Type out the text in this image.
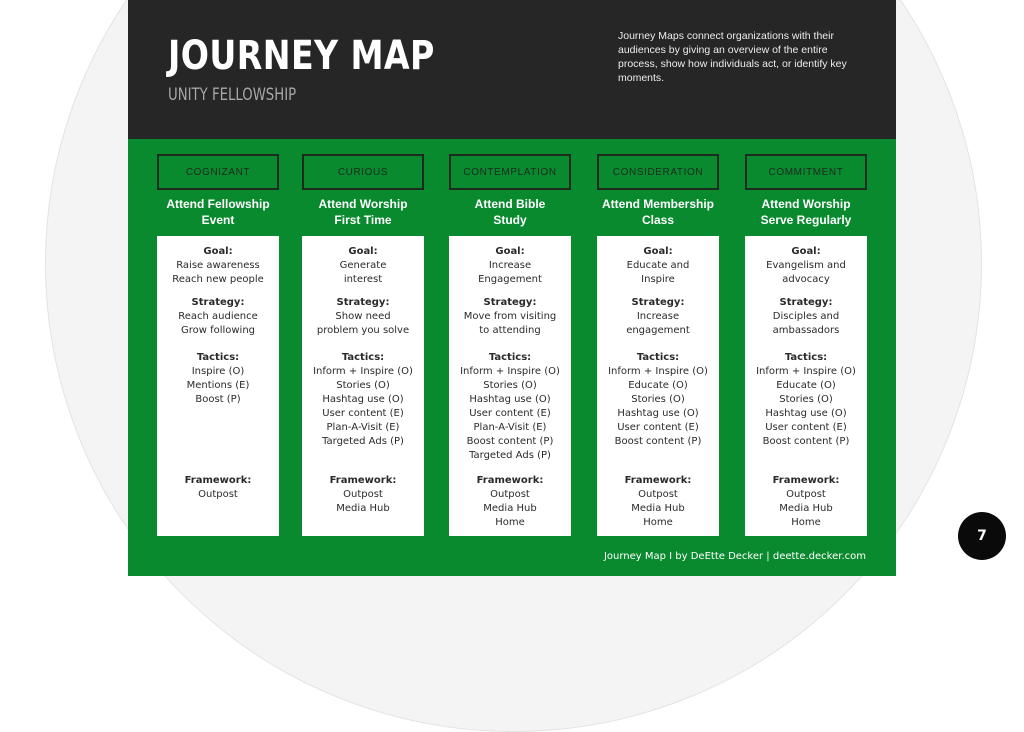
JOURNEY MAP
UNITY FELLOWSHIP
Journey Maps connect organizations with their audiences by giving an overview of the entire process, show how individuals act, or identify key moments.
COGNIZANT
Attend Fellowship
Event
Goal:
Raise awareness
Reach new people
Strategy:
Reach audience
Grow following
Tactics:
Inspire (O)
Mentions (E)
Boost (P)
Framework:
Outpost
CURIOUS
Attend Worship
First Time
Goal:
Generate
interest
Strategy:
Show need
problem you solve
Tactics:
Inform + Inspire (O)
Stories (O)
Hashtag use (O)
User content (E)
Plan-A-Visit (E)
Targeted Ads (P)
Framework:
Outpost
Media Hub
CONTEMPLATION
Attend Bible
Study
Goal:
Increase
Engagement
Strategy:
Move from visiting
to attending
Tactics:
Inform + Inspire (O)
Stories (O)
Hashtag use (O)
User content (E)
Plan-A-Visit (E)
Boost content (P)
Targeted Ads (P)
Framework:
Outpost
Media Hub
Home
CONSIDERATION
Attend Membership
Class
Goal:
Educate and
Inspire
Strategy:
Increase
engagement
Tactics:
Inform + Inspire (O)
Educate (O)
Stories (O)
Hashtag use (O)
User content (E)
Boost content (P)
Framework:
Outpost
Media Hub
Home
COMMITMENT
Attend Worship
Serve Regularly
Goal:
Evangelism and
advocacy
Strategy:
Disciples and
ambassadors
Tactics:
Inform + Inspire (O)
Educate (O)
Stories (O)
Hashtag use (O)
User content (E)
Boost content (P)
Framework:
Outpost
Media Hub
Home
Journey Map I by DeEtte Decker | deette.decker.com
7
